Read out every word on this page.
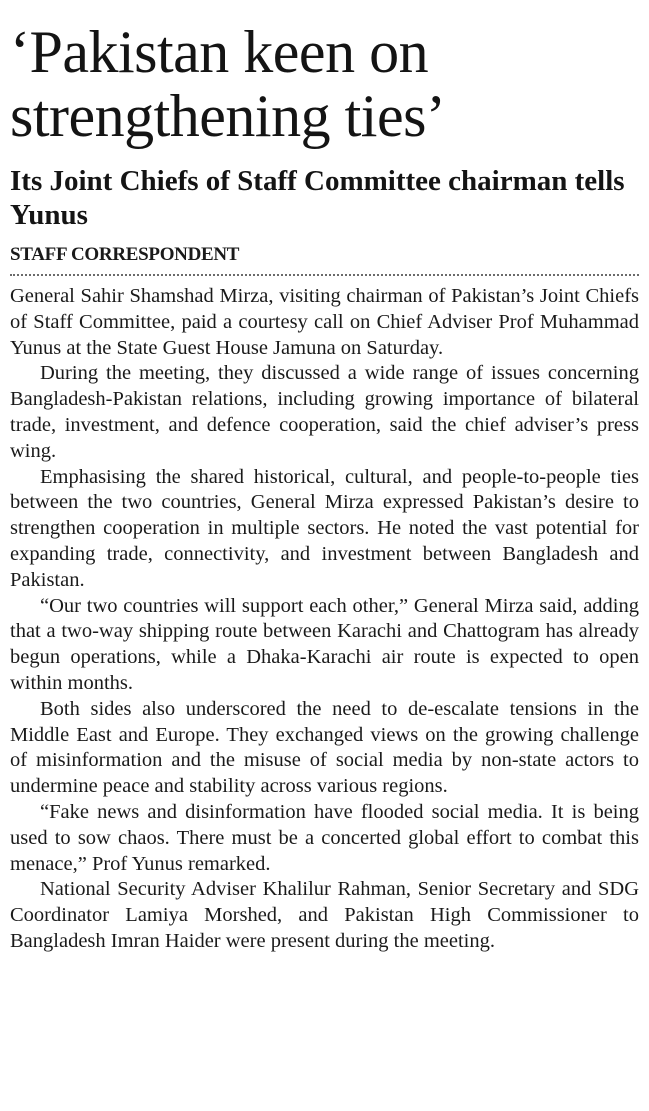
‘Pakistan keen on strengthening ties’
Its Joint Chiefs of Staff Committee chairman tells Yunus
STAFF CORRESPONDENT

General Sahir Shamshad Mirza, visiting chairman of Pakistan’s Joint Chiefs of Staff Committee, paid a courtesy call on Chief Adviser Prof Muhammad Yunus at the State Guest House Jamuna on Saturday.

During the meeting, they discussed a wide range of issues concerning Bangladesh-Pakistan relations, including growing importance of bilateral trade, investment, and defence cooperation, said the chief adviser’s press wing.

Emphasising the shared historical, cultural, and people-to-people ties between the two countries, General Mirza expressed Pakistan’s desire to strengthen cooperation in multiple sectors. He noted the vast potential for expanding trade, connectivity, and investment between Bangladesh and Pakistan.

“Our two countries will support each other,” General Mirza said, adding that a two-way shipping route between Karachi and Chattogram has already begun operations, while a Dhaka-Karachi air route is expected to open within months.

Both sides also underscored the need to de-escalate tensions in the Middle East and Europe. They exchanged views on the growing challenge of misinformation and the misuse of social media by non-state actors to undermine peace and stability across various regions.

“Fake news and disinformation have flooded social media. It is being used to sow chaos. There must be a concerted global effort to combat this menace,” Prof Yunus remarked.

National Security Adviser Khalilur Rahman, Senior Secretary and SDG Coordinator Lamiya Morshed, and Pakistan High Commissioner to Bangladesh Imran Haider were present during the meeting.
